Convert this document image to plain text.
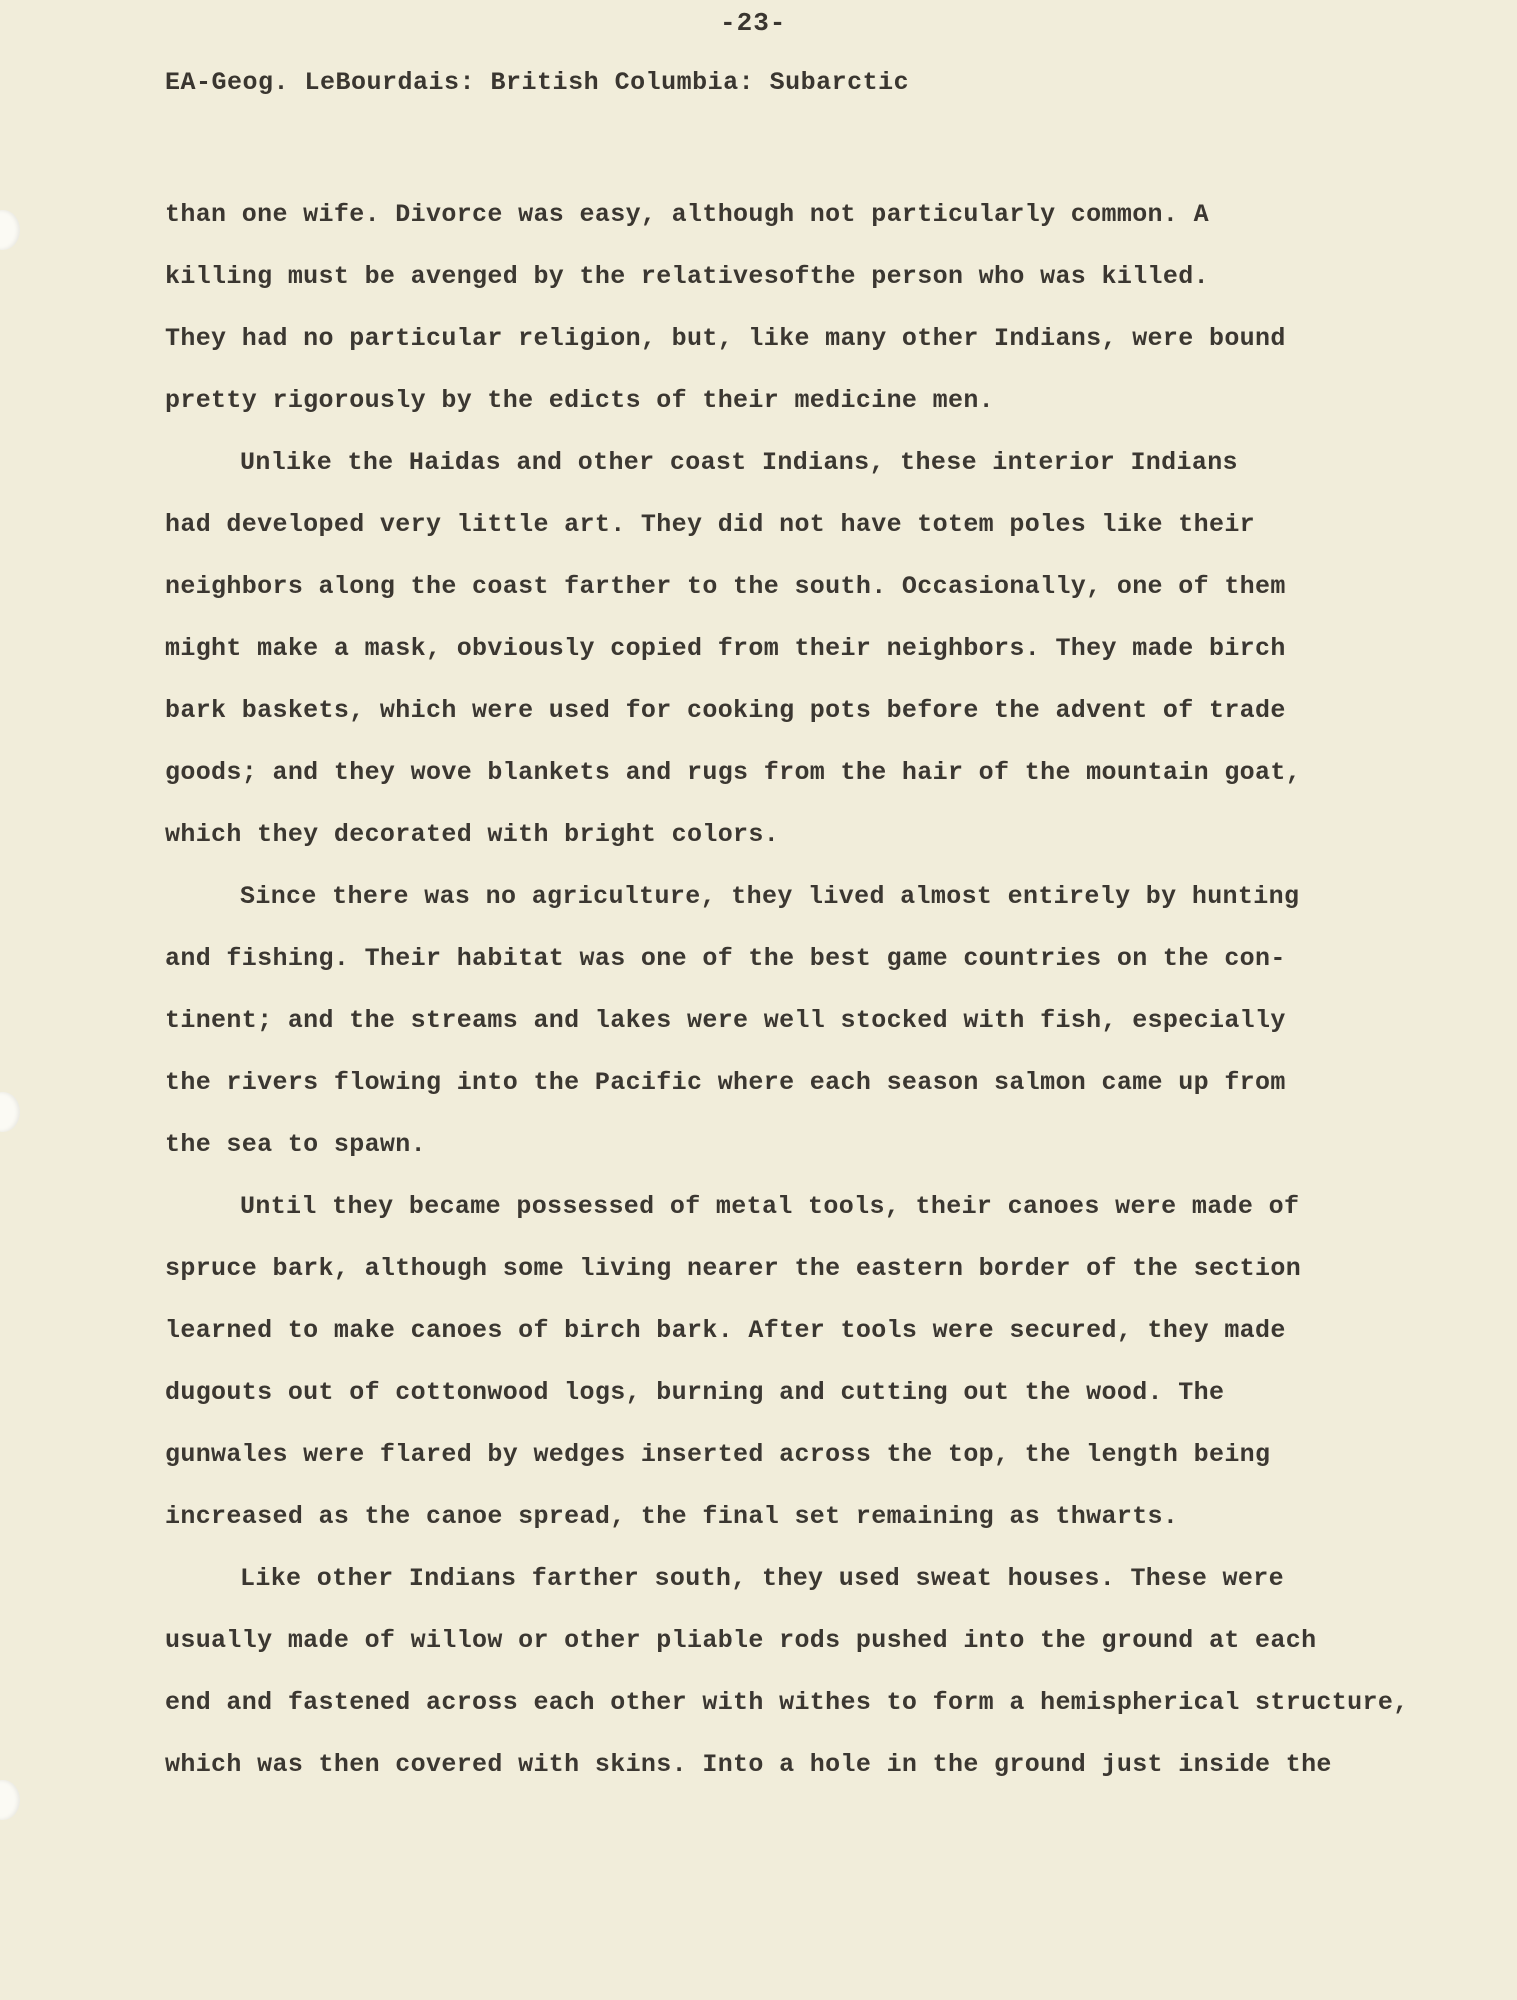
-23-
EA-Geog. LeBourdais: British Columbia: Subarctic
than one wife. Divorce was easy, although not particularly common. A
killing must be avenged by the relativesofthe person who was killed.
They had no particular religion, but, like many other Indians, were bound
pretty rigorously by the edicts of their medicine men.
Unlike the Haidas and other coast Indians, these interior Indians
had developed very little art. They did not have totem poles like their
neighbors along the coast farther to the south. Occasionally, one of them
might make a mask, obviously copied from their neighbors. They made birch
bark baskets, which were used for cooking pots before the advent of trade
goods; and they wove blankets and rugs from the hair of the mountain goat,
which they decorated with bright colors.
Since there was no agriculture, they lived almost entirely by hunting
and fishing. Their habitat was one of the best game countries on the con-
tinent; and the streams and lakes were well stocked with fish, especially
the rivers flowing into the Pacific where each season salmon came up from
the sea to spawn.
Until they became possessed of metal tools, their canoes were made of
spruce bark, although some living nearer the eastern border of the section
learned to make canoes of birch bark. After tools were secured, they made
dugouts out of cottonwood logs, burning and cutting out the wood. The
gunwales were flared by wedges inserted across the top, the length being
increased as the canoe spread, the final set remaining as thwarts.
Like other Indians farther south, they used sweat houses. These were
usually made of willow or other pliable rods pushed into the ground at each
end and fastened across each other with withes to form a hemispherical structure,
which was then covered with skins. Into a hole in the ground just inside the
